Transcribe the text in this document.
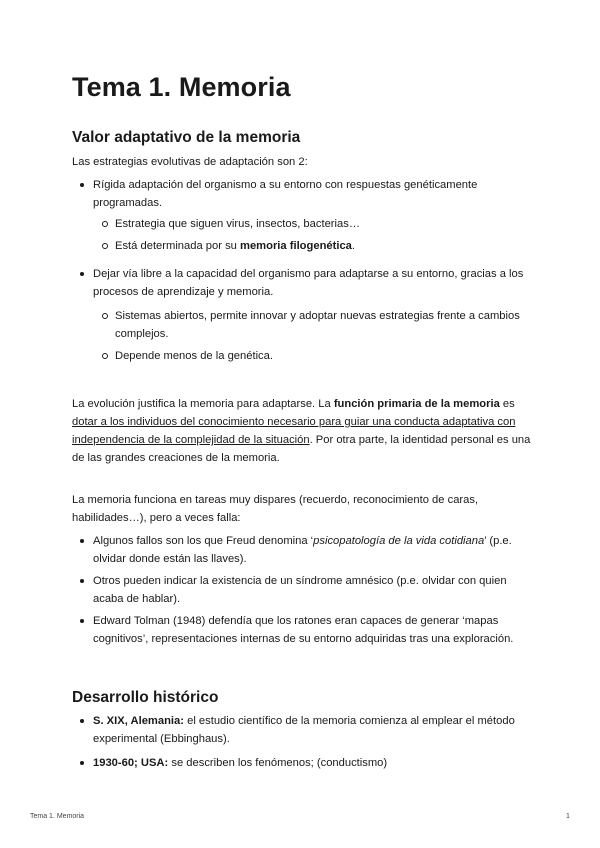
Tema 1. Memoria
Valor adaptativo de la memoria

Las estrategias evolutivas de adaptación son 2:

Rígida adaptación del organismo a su entorno con respuestas genéticamente programadas.
Estrategia que siguen virus, insectos, bacterias…
Está determinada por su memoria filogenética.
Dejar vía libre a la capacidad del organismo para adaptarse a su entorno, gracias a los procesos de aprendizaje y memoria.
Sistemas abiertos, permite innovar y adoptar nuevas estrategias frente a cambios complejos.
Depende menos de la genética.

La evolución justifica la memoria para adaptarse. La función primaria de la memoria es dotar a los individuos del conocimiento necesario para guiar una conducta adaptativa con independencia de la complejidad de la situación. Por otra parte, la identidad personal es una de las grandes creaciones de la memoria.

La memoria funciona en tareas muy dispares (recuerdo, reconocimiento de caras, habilidades…), pero a veces falla:

Algunos fallos son los que Freud denomina ‘psicopatología de la vida cotidiana’ (p.e. olvidar donde están las llaves).
Otros pueden indicar la existencia de un síndrome amnésico (p.e. olvidar con quien acaba de hablar).
Edward Tolman (1948) defendía que los ratones eran capaces de generar ‘mapas cognitivos’, representaciones internas de su entorno adquiridas tras una exploración.
Desarrollo histórico
S. XIX, Alemania: el estudio científico de la memoria comienza al emplear el método experimental (Ebbinghaus).
1930-60; USA: se describen los fenómenos; (conductismo)
Tema 1. Memoria	1
